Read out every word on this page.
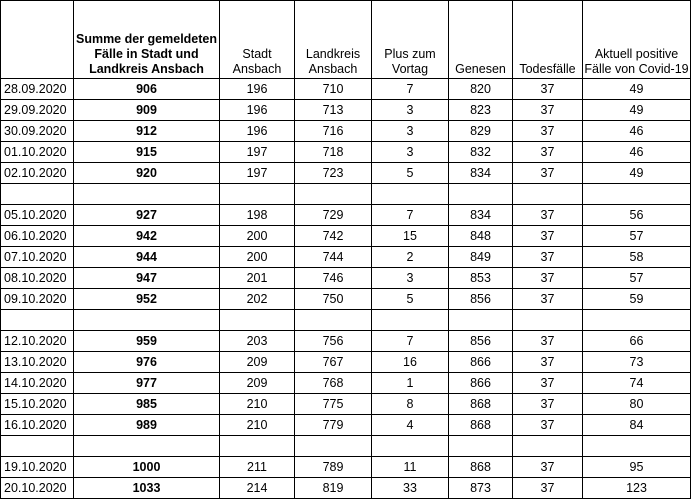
	Summe der gemeldeten Fälle in Stadt und Landkreis Ansbach	Stadt Ansbach	Landkreis Ansbach	Plus zum Vortag	Genesen	Todesfälle	Aktuell positive Fälle von Covid-19
28.09.2020	906	196	710	7	820	37	49
29.09.2020	909	196	713	3	823	37	49
30.09.2020	912	196	716	3	829	37	46
01.10.2020	915	197	718	3	832	37	46
02.10.2020	920	197	723	5	834	37	49

05.10.2020	927	198	729	7	834	37	56
06.10.2020	942	200	742	15	848	37	57
07.10.2020	944	200	744	2	849	37	58
08.10.2020	947	201	746	3	853	37	57
09.10.2020	952	202	750	5	856	37	59

12.10.2020	959	203	756	7	856	37	66
13.10.2020	976	209	767	16	866	37	73
14.10.2020	977	209	768	1	866	37	74
15.10.2020	985	210	775	8	868	37	80
16.10.2020	989	210	779	4	868	37	84

19.10.2020	1000	211	789	11	868	37	95
20.10.2020	1033	214	819	33	873	37	123
